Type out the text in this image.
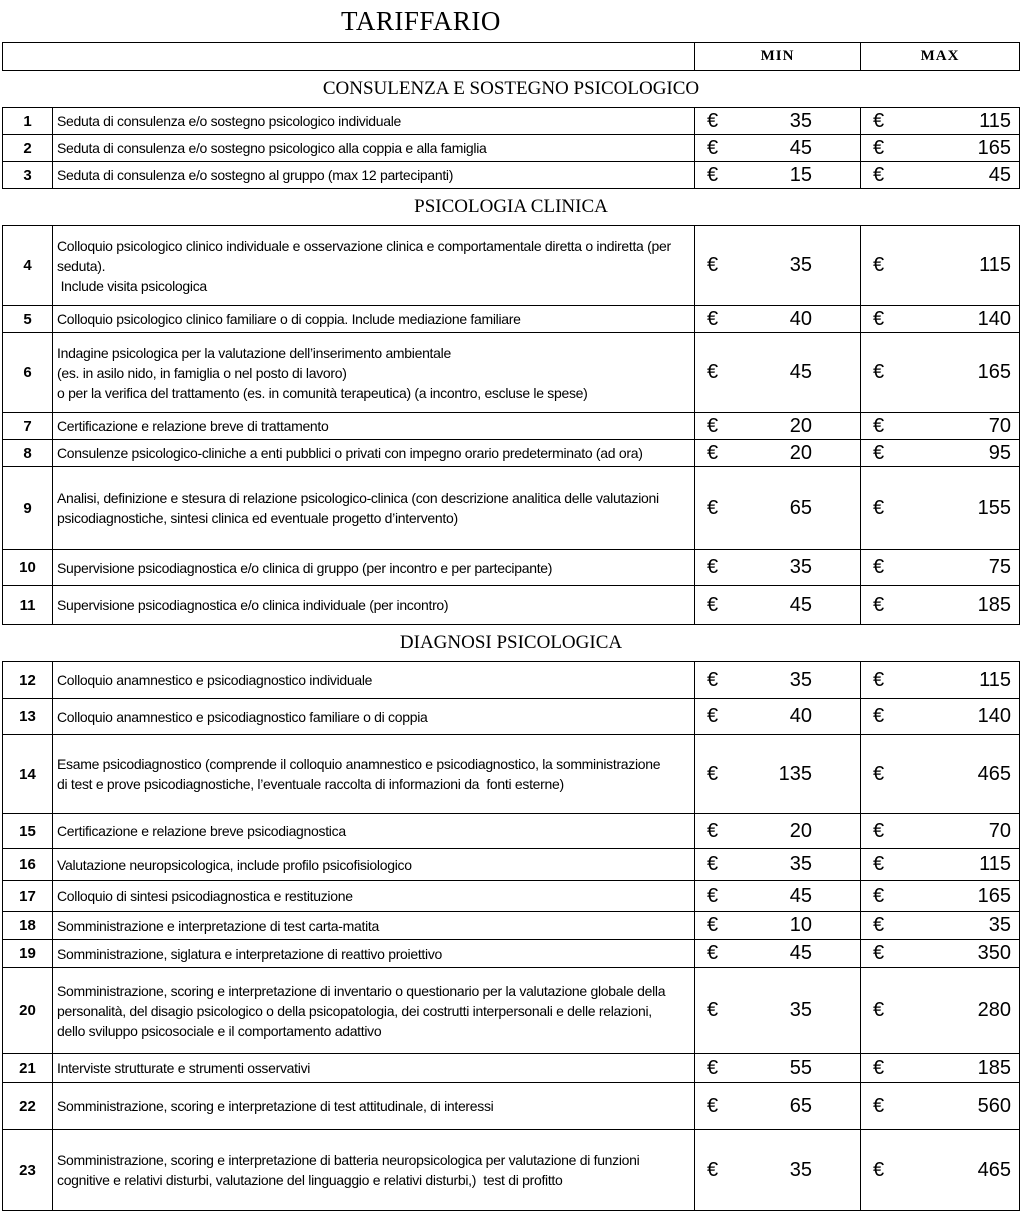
TARIFFARIO
		MIN	MAX
CONSULENZA E SOSTEGNO PSICOLOGICO			
1	Seduta di consulenza e/o sostegno psicologico individuale	€ 35	€ 115

2	Seduta di consulenza e/o sostegno psicologico alla coppia e alla famiglia	€ 45	€ 165

3	Seduta di consulenza e/o sostegno al gruppo (max 12 partecipanti)	€ 15	€ 45

PSICOLOGIA CLINICA			
4	Colloquio psicologico clinico individuale e osservazione clinica e comportamentale diretta o indiretta (per
seduta).
Include visita psicologica	€ 35	€ 115

5	Colloquio psicologico clinico familiare o di coppia. Include mediazione familiare	€ 40	€ 140

6	Indagine psicologica per la valutazione dell’inserimento ambientale
(es. in asilo nido, in famiglia o nel posto di lavoro)
o per la verifica del trattamento (es. in comunità terapeutica) (a incontro, escluse le spese)	€ 45	€ 165

7	Certificazione e relazione breve di trattamento	€ 20	€ 70

8	Consulenze psicologico-cliniche a enti pubblici o privati con impegno orario predeterminato (ad ora)	€ 20	€ 95

9	Analisi, definizione e stesura di relazione psicologico-clinica (con descrizione analitica delle valutazioni
psicodiagnostiche, sintesi clinica ed eventuale progetto d’intervento)	€ 65	€ 155

10	Supervisione psicodiagnostica e/o clinica di gruppo (per incontro e per partecipante)	€ 35	€ 75

11	Supervisione psicodiagnostica e/o clinica individuale (per incontro)	€ 45	€ 185

DIAGNOSI PSICOLOGICA			
12	Colloquio anamnestico e psicodiagnostico individuale	€ 35	€ 115

13	Colloquio anamnestico e psicodiagnostico familiare o di coppia	€ 40	€ 140

14	Esame psicodiagnostico (comprende il colloquio anamnestico e psicodiagnostico, la somministrazione
di test e prove psicodiagnostiche, l’eventuale raccolta di informazioni da  fonti esterne)	€ 135	€ 465

15	Certificazione e relazione breve psicodiagnostica	€ 20	€ 70

16	Valutazione neuropsicologica, include profilo psicofisiologico	€ 35	€ 115

17	Colloquio di sintesi psicodiagnostica e restituzione	€ 45	€ 165

18	Somministrazione e interpretazione di test carta-matita	€ 10	€ 35

19	Somministrazione, siglatura e interpretazione di reattivo proiettivo	€ 45	€ 350

20	Somministrazione, scoring e interpretazione di inventario o questionario per la valutazione globale della
personalità, del disagio psicologico o della psicopatologia, dei costrutti interpersonali e delle relazioni,
dello sviluppo psicosociale e il comportamento adattivo	€ 35	€ 280

21	Interviste strutturate e strumenti osservativi	€ 55	€ 185

22	Somministrazione, scoring e interpretazione di test attitudinale, di interessi	€ 65	€ 560

23	Somministrazione, scoring e interpretazione di batteria neuropsicologica per valutazione di funzioni
cognitive e relativi disturbi, valutazione del linguaggio e relativi disturbi,)  test di profitto	€ 35	€ 465
